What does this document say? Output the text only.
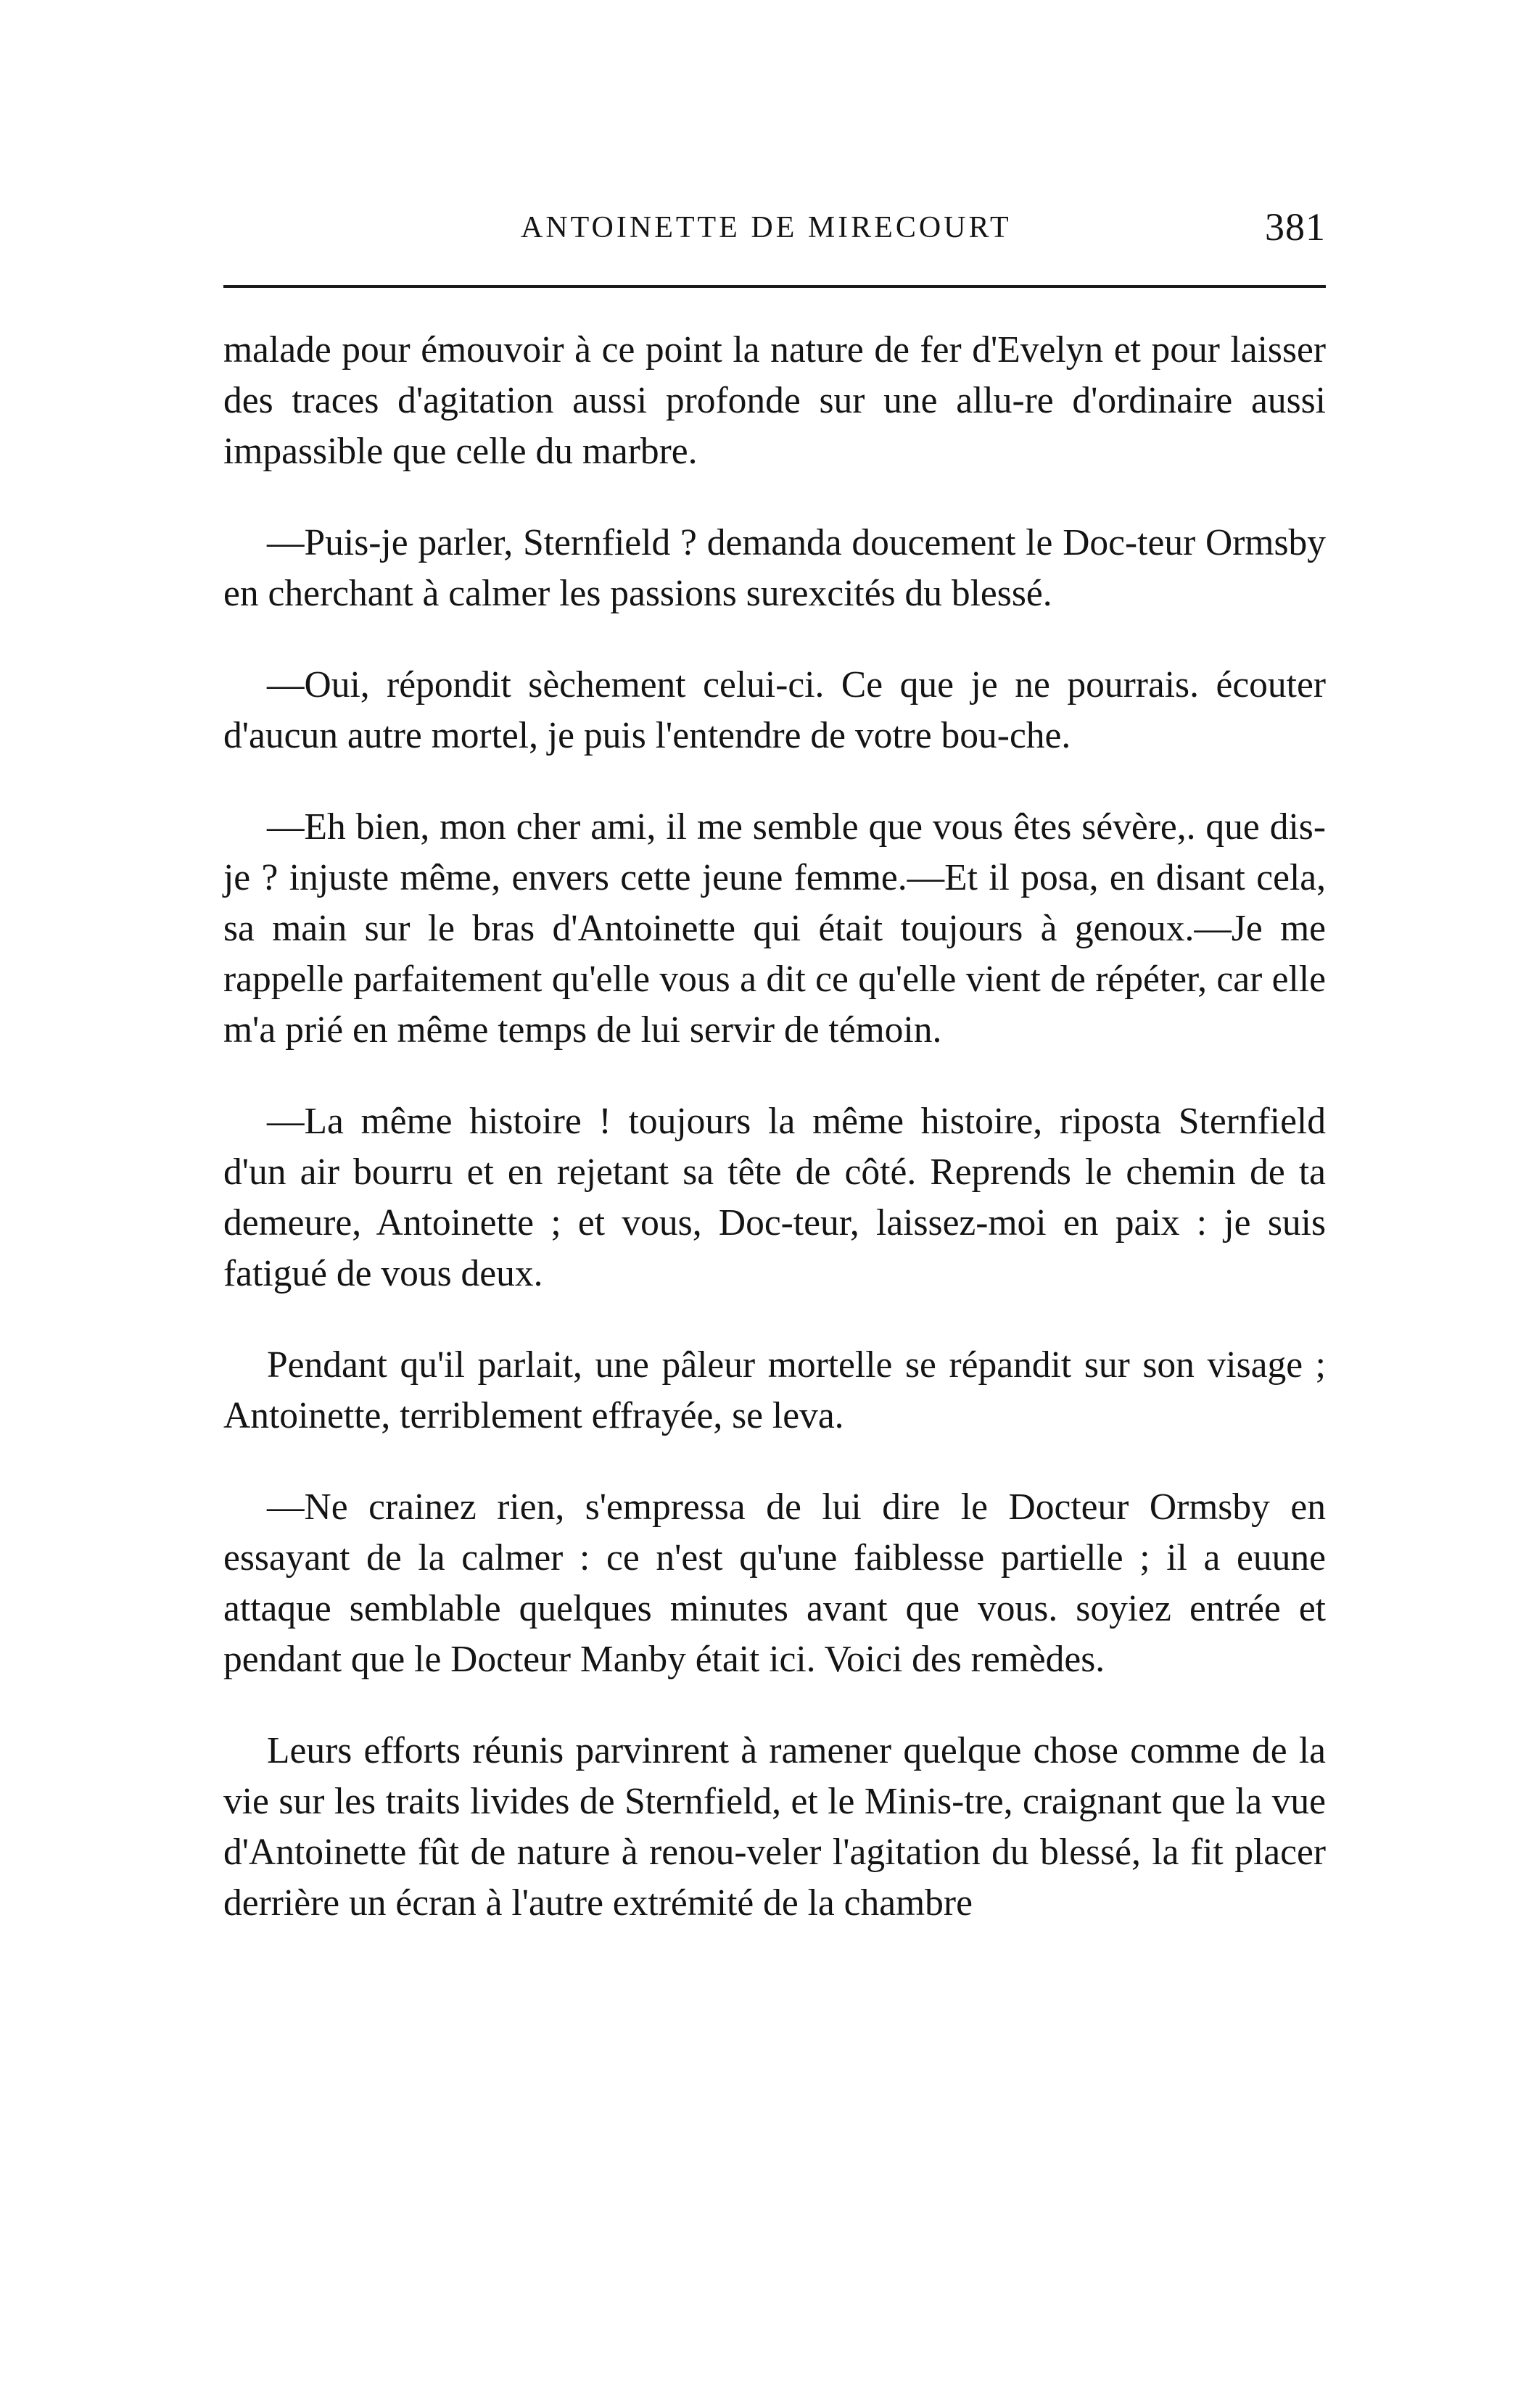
ANTOINETTE DE MIRECOURT	381

malade pour émouvoir à ce point la nature de fer d'Evelyn et pour laisser des traces d'agitation aussi profonde sur une allu-re d'ordinaire aussi impassible que celle du marbre.

—Puis-je parler, Sternfield ? demanda doucement le Doc-teur Ormsby en cherchant à calmer les passions surexcités du blessé.

—Oui, répondit sèchement celui-ci. Ce que je ne pourrais. écouter d'aucun autre mortel, je puis l'entendre de votre bou-che.

—Eh bien, mon cher ami, il me semble que vous êtes sévère,. que dis-je ? injuste même, envers cette jeune femme.—Et il posa, en disant cela, sa main sur le bras d'Antoinette qui était toujours à genoux.—Je me rappelle parfaitement qu'elle vous a dit ce qu'elle vient de répéter, car elle m'a prié en même temps de lui servir de témoin.

—La même histoire ! toujours la même histoire, riposta Sternfield d'un air bourru et en rejetant sa tête de côté. Reprends le chemin de ta demeure, Antoinette ; et vous, Doc-teur, laissez-moi en paix : je suis fatigué de vous deux.

Pendant qu'il parlait, une pâleur mortelle se répandit sur son visage ; Antoinette, terriblement effrayée, se leva.

—Ne crainez rien, s'empressa de lui dire le Docteur Ormsby en essayant de la calmer : ce n'est qu'une faiblesse partielle ; il a euune attaque semblable quelques minutes avant que vous. soyiez entrée et pendant que le Docteur Manby était ici. Voici des remèdes.

Leurs efforts réunis parvinrent à ramener quelque chose comme de la vie sur les traits livides de Sternfield, et le Minis-tre, craignant que la vue d'Antoinette fût de nature à renou-veler l'agitation du blessé, la fit placer derrière un écran à l'autre extrémité de la chambre
